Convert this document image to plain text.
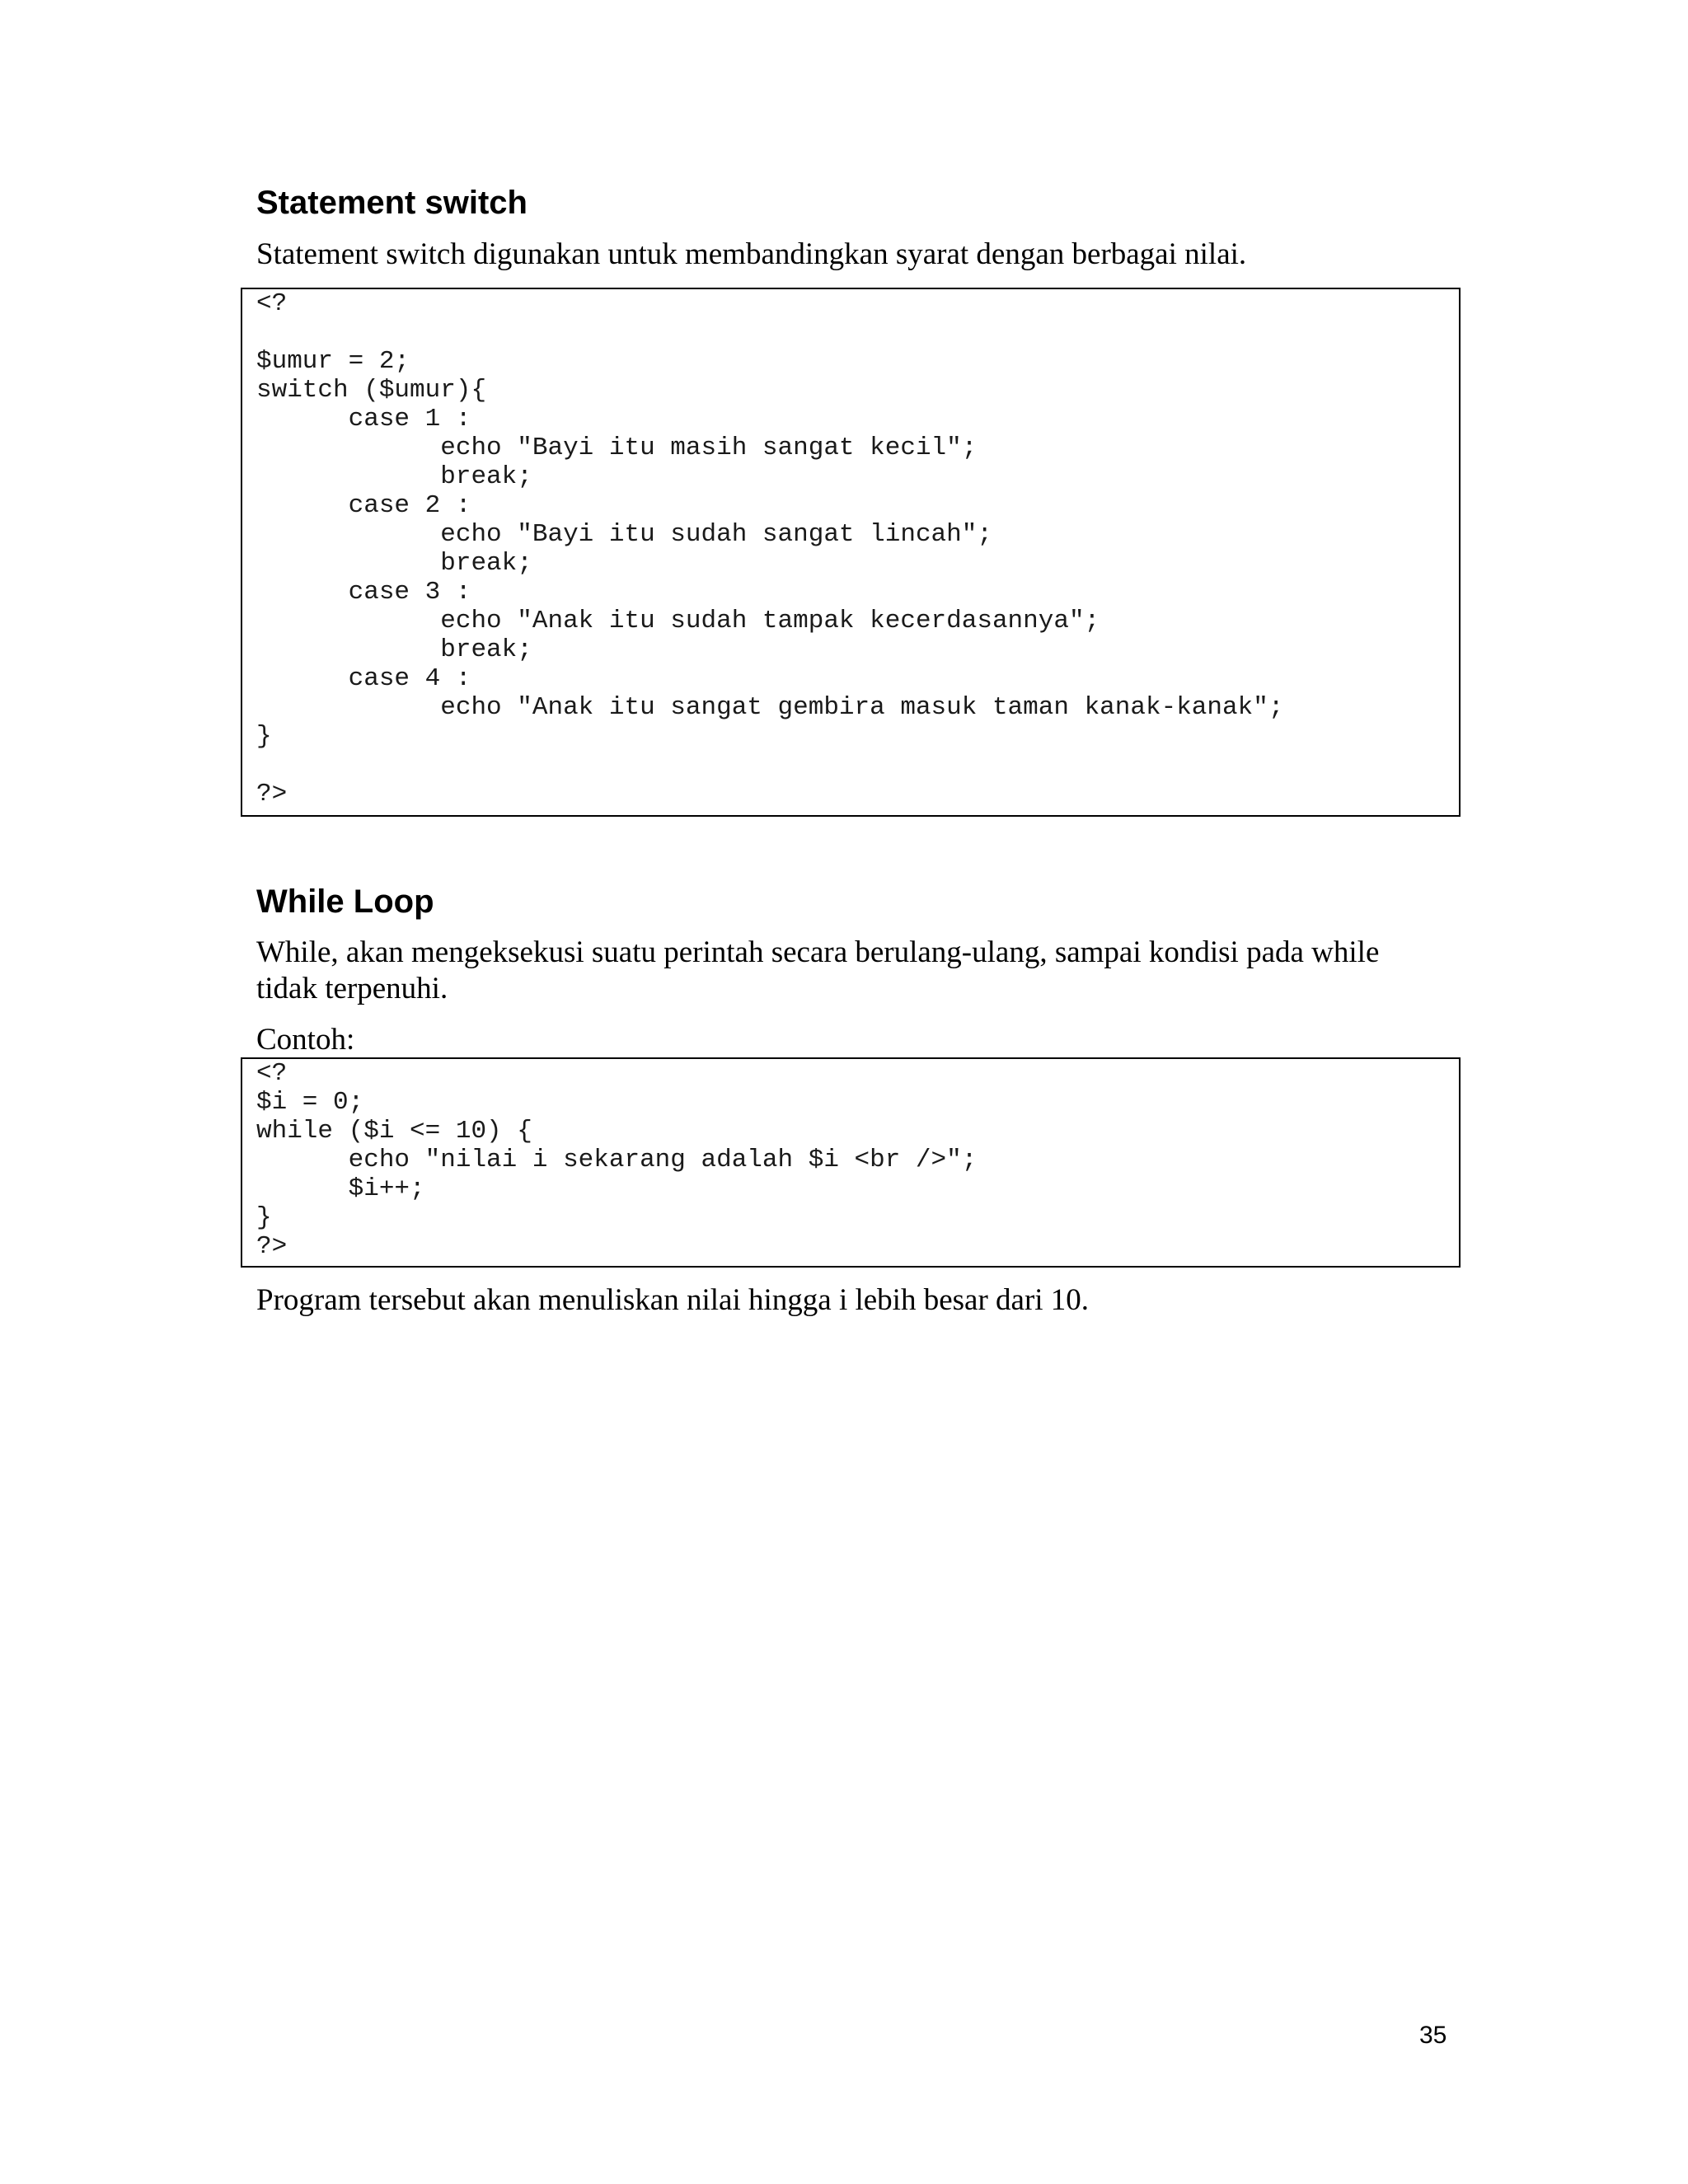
Statement switch

Statement switch digunakan untuk membandingkan syarat dengan berbagai nilai.

<?

$umur = 2;
switch ($umur){
	case 1 :
		echo "Bayi itu masih sangat kecil";
		break;
	case 2 :
		echo "Bayi itu sudah sangat lincah";
		break;
	case 3 :
		echo "Anak itu sudah tampak kecerdasannya";
		break;
	case 4 :
		echo "Anak itu sangat gembira masuk taman kanak-kanak";
}

?>
While Loop

While, akan mengeksekusi suatu perintah secara berulang-ulang, sampai kondisi pada while tidak terpenuhi.

Contoh:

<?
$i = 0;
while ($i <= 10) {
	echo "nilai i sekarang adalah $i <br />";
	$i++;
}
?>

Program tersebut akan menuliskan nilai hingga i lebih besar dari 10.

35
